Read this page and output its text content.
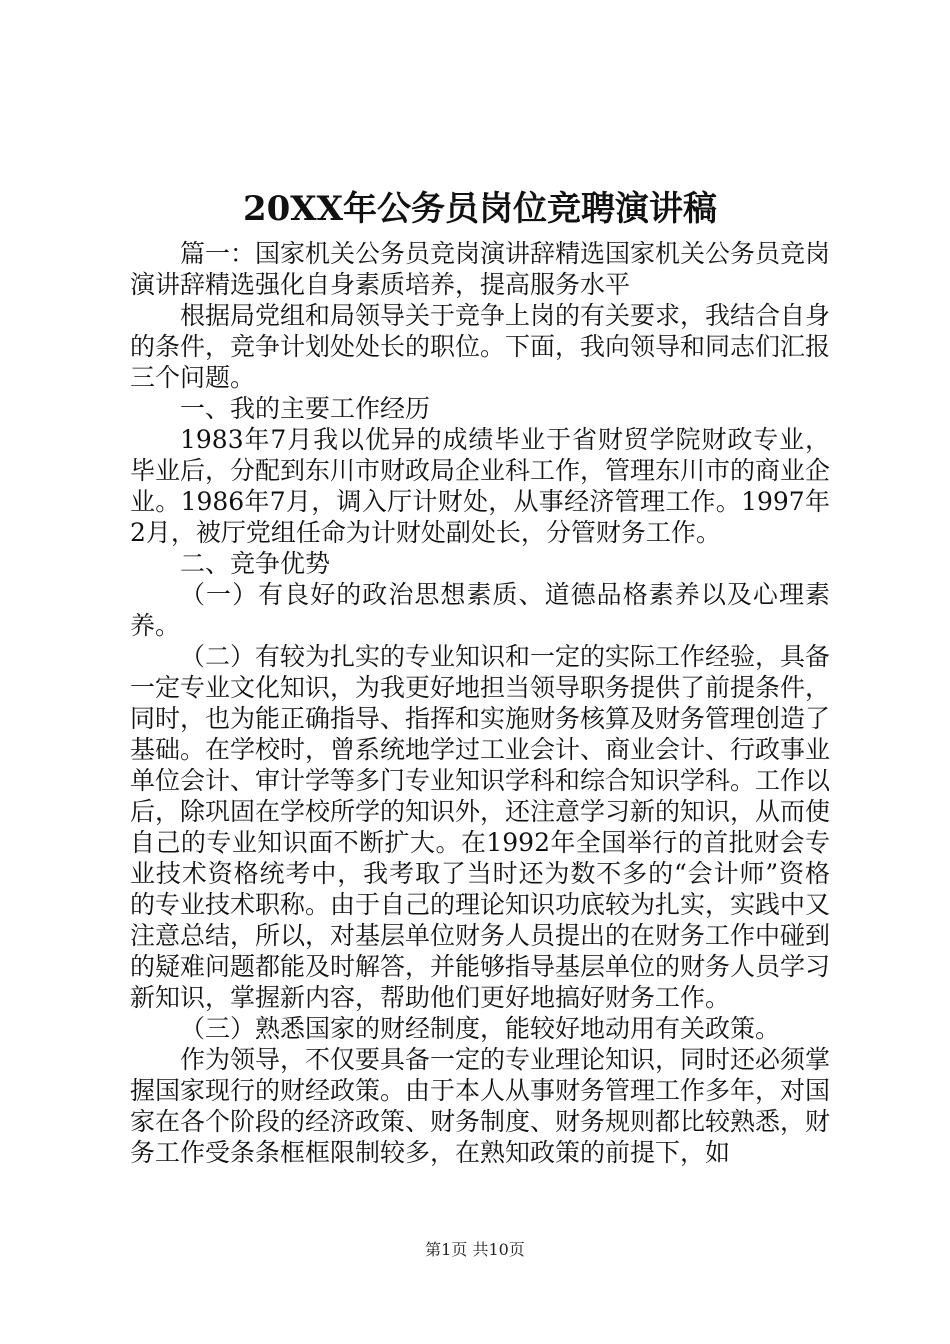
20XX年公务员岗位竞聘演讲稿

篇一：国家机关公务员竞岗演讲辞精选国家机关公务员竞岗演讲辞精选强化自身素质培养，提高服务水平

根据局党组和局领导关于竞争上岗的有关要求，我结合自身的条件，竞争计划处处长的职位。下面，我向领导和同志们汇报三个问题。

一、我的主要工作经历

1983年7月我以优异的成绩毕业于省财贸学院财政专业，毕业后，分配到东川市财政局企业科工作，管理东川市的商业企业。1986年7月，调入厅计财处，从事经济管理工作。1997年2月，被厅党组任命为计财处副处长，分管财务工作。

二、竞争优势

（一）有良好的政治思想素质、道德品格素养以及心理素养。

（二）有较为扎实的专业知识和一定的实际工作经验，具备一定专业文化知识，为我更好地担当领导职务提供了前提条件，同时，也为能正确指导、指挥和实施财务核算及财务管理创造了基础。在学校时，曾系统地学过工业会计、商业会计、行政事业单位会计、审计学等多门专业知识学科和综合知识学科。工作以后，除巩固在学校所学的知识外，还注意学习新的知识，从而使自己的专业知识面不断扩大。在1992年全国举行的首批财会专业技术资格统考中，我考取了当时还为数不多的“会计师”资格的专业技术职称。由于自己的理论知识功底较为扎实，实践中又注意总结，所以，对基层单位财务人员提出的在财务工作中碰到的疑难问题都能及时解答，并能够指导基层单位的财务人员学习新知识，掌握新内容，帮助他们更好地搞好财务工作。

（三）熟悉国家的财经制度，能较好地动用有关政策。

作为领导，不仅要具备一定的专业理论知识，同时还必须掌握国家现行的财经政策。由于本人从事财务管理工作多年，对国家在各个阶段的经济政策、财务制度、财务规则都比较熟悉，财务工作受条条框框限制较多，在熟知政策的前提下，如

第1页 共10页
